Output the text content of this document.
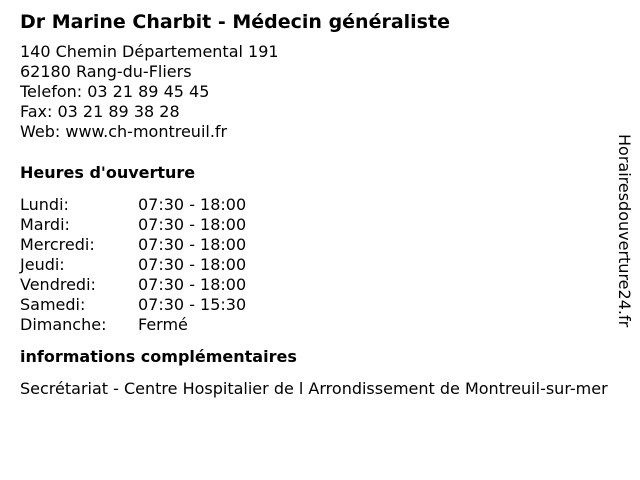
Dr Marine Charbit - Médecin généraliste
140 Chemin Départemental 191
62180 Rang-du-Fliers
Telefon: 03 21 89 45 45
Fax: 03 21 89 38 28
Web: www.ch-montreuil.fr
Heures d'ouverture
Lundi:	07:30 - 18:00
Mardi:	07:30 - 18:00
Mercredi:	07:30 - 18:00
Jeudi:	07:30 - 18:00
Vendredi:	07:30 - 18:00
Samedi:	07:30 - 15:30
Dimanche:	Fermé
informations complémentaires
Secrétariat - Centre Hospitalier de l Arrondissement de Montreuil-sur-mer
Horairesdouverture24.fr
